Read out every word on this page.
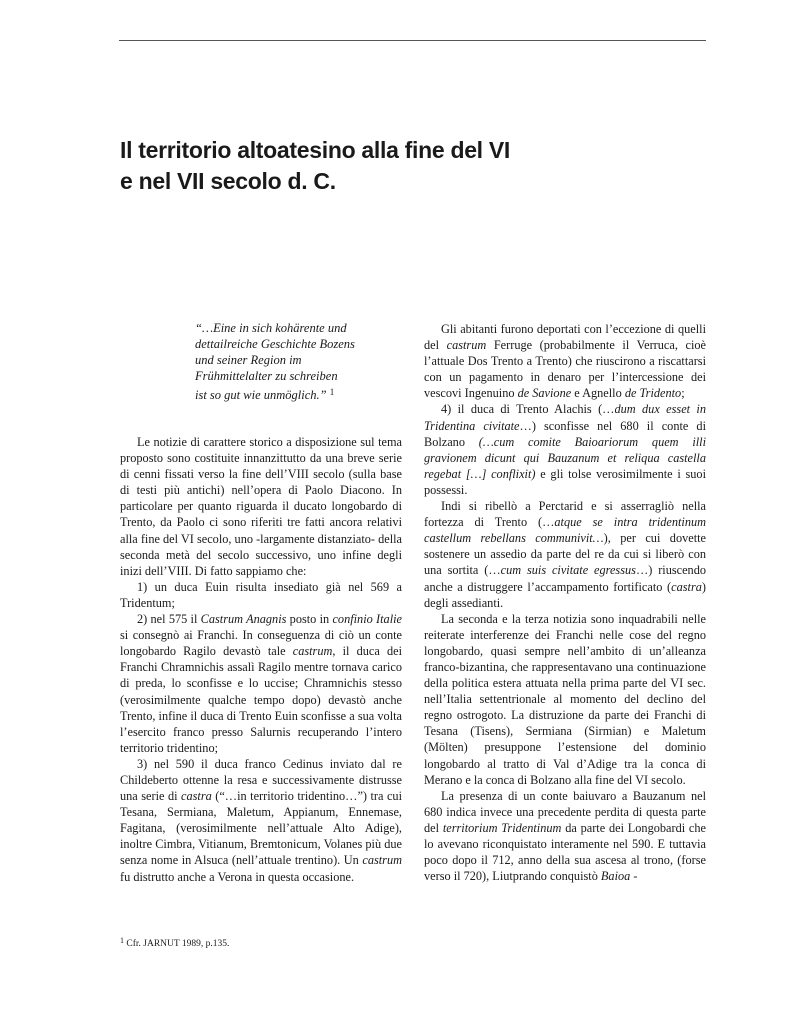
Il territorio altoatesino alla fine del VI
e nel VII secolo d. C.
“…Eine in sich kohärente und
dettailreiche Geschichte Bozens
und seiner Region im
Frühmittelalter zu schreiben
ist so gut wie unmöglich.” $^1$

Le notizie di carattere storico a disposizione sul tema proposto sono costituite innanzittutto da una breve serie di cenni fissati verso la fine dell’VIII secolo (sulla base di testi più antichi) nell’opera di Paolo Diacono. In particolare per quanto riguarda il ducato longobardo di Trento, da Paolo ci sono riferiti tre fatti ancora relativi alla fine del VI secolo, uno -largamente distanziato- della seconda metà del secolo successivo, uno infine degli inizi dell’VIII. Di fatto sappiamo che:

1) un duca Euin risulta insediato già nel 569 a Tridentum;

2) nel 575 il Castrum Anagnis posto in confinio Italie si consegnò ai Franchi. In conseguenza di ciò un conte longobardo Ragilo devastò tale castrum, il duca dei Franchi Chramnichis assalì Ragilo mentre tornava carico di preda, lo sconfisse e lo uccise; Chramnichis stesso (verosimilmente qualche tempo dopo) devastò anche Trento, infine il duca di Trento Euin sconfisse a sua volta l’esercito franco presso Salurnis recuperando l’intero territorio tridentino;

3) nel 590 il duca franco Cedinus inviato dal re Childeberto ottenne la resa e successivamente distrusse una serie di castra (“…in territorio tridentino…”) tra cui Tesana, Sermiana, Maletum, Appianum, Ennemase, Fagitana, (verosimilmente nell’attuale Alto Adige), inoltre Cimbra, Vitianum, Bremtonicum, Volanes più due senza nome in Alsuca (nell’attuale trentino). Un castrum fu distrutto anche a Verona in questa occasione.

Gli abitanti furono deportati con l’eccezione di quelli del castrum Ferruge (probabilmente il Verruca, cioè l’attuale Dos Trento a Trento) che riuscirono a riscattarsi con un pagamento in denaro per l’intercessione dei vescovi Ingenuino de Savione e Agnello de Tridento;

4) il duca di Trento Alachis (…dum dux esset in Tridentina civitate…) sconfisse nel 680 il conte di Bolzano (…cum comite Baioariorum quem illi gravionem dicunt qui Bauzanum et reliqua castella regebat […] conflixit) e gli tolse verosimilmente i suoi possessi.

Indi si ribellò a Perctarid e si asserragliò nella fortezza di Trento (…atque se intra tridentinum castellum rebellans communivit…), per cui dovette sostenere un assedio da parte del re da cui si liberò con una sortita (…cum suis civitate egressus…) riuscendo anche a distruggere l’accampamento fortificato (castra) degli assedianti.

La seconda e la terza notizia sono inquadrabili nelle reiterate interferenze dei Franchi nelle cose del regno longobardo, quasi sempre nell’ambito di un’alleanza franco-bizantina, che rappresentavano una continuazione della politica estera attuata nella prima parte del VI sec. nell’Italia settentrionale al momento del declino del regno ostrogoto. La distruzione da parte dei Franchi di Tesana (Tisens), Sermiana (Sirmian) e Maletum (Mölten) presuppone l’estensione del dominio longobardo al tratto di Val d’Adige tra la conca di Merano e la conca di Bolzano alla fine del VI secolo.

La presenza di un conte baiuvaro a Bauzanum nel 680 indica invece una precedente perdita di questa parte del territorium Tridentinum da parte dei Longobardi che lo avevano riconquistato interamente nel 590. E tuttavia poco dopo il 712, anno della sua ascesa al trono, (forse verso il 720), Liutprando conquistò Baioa -

$^1$ Cfr. JARNUT 1989, p.135.
